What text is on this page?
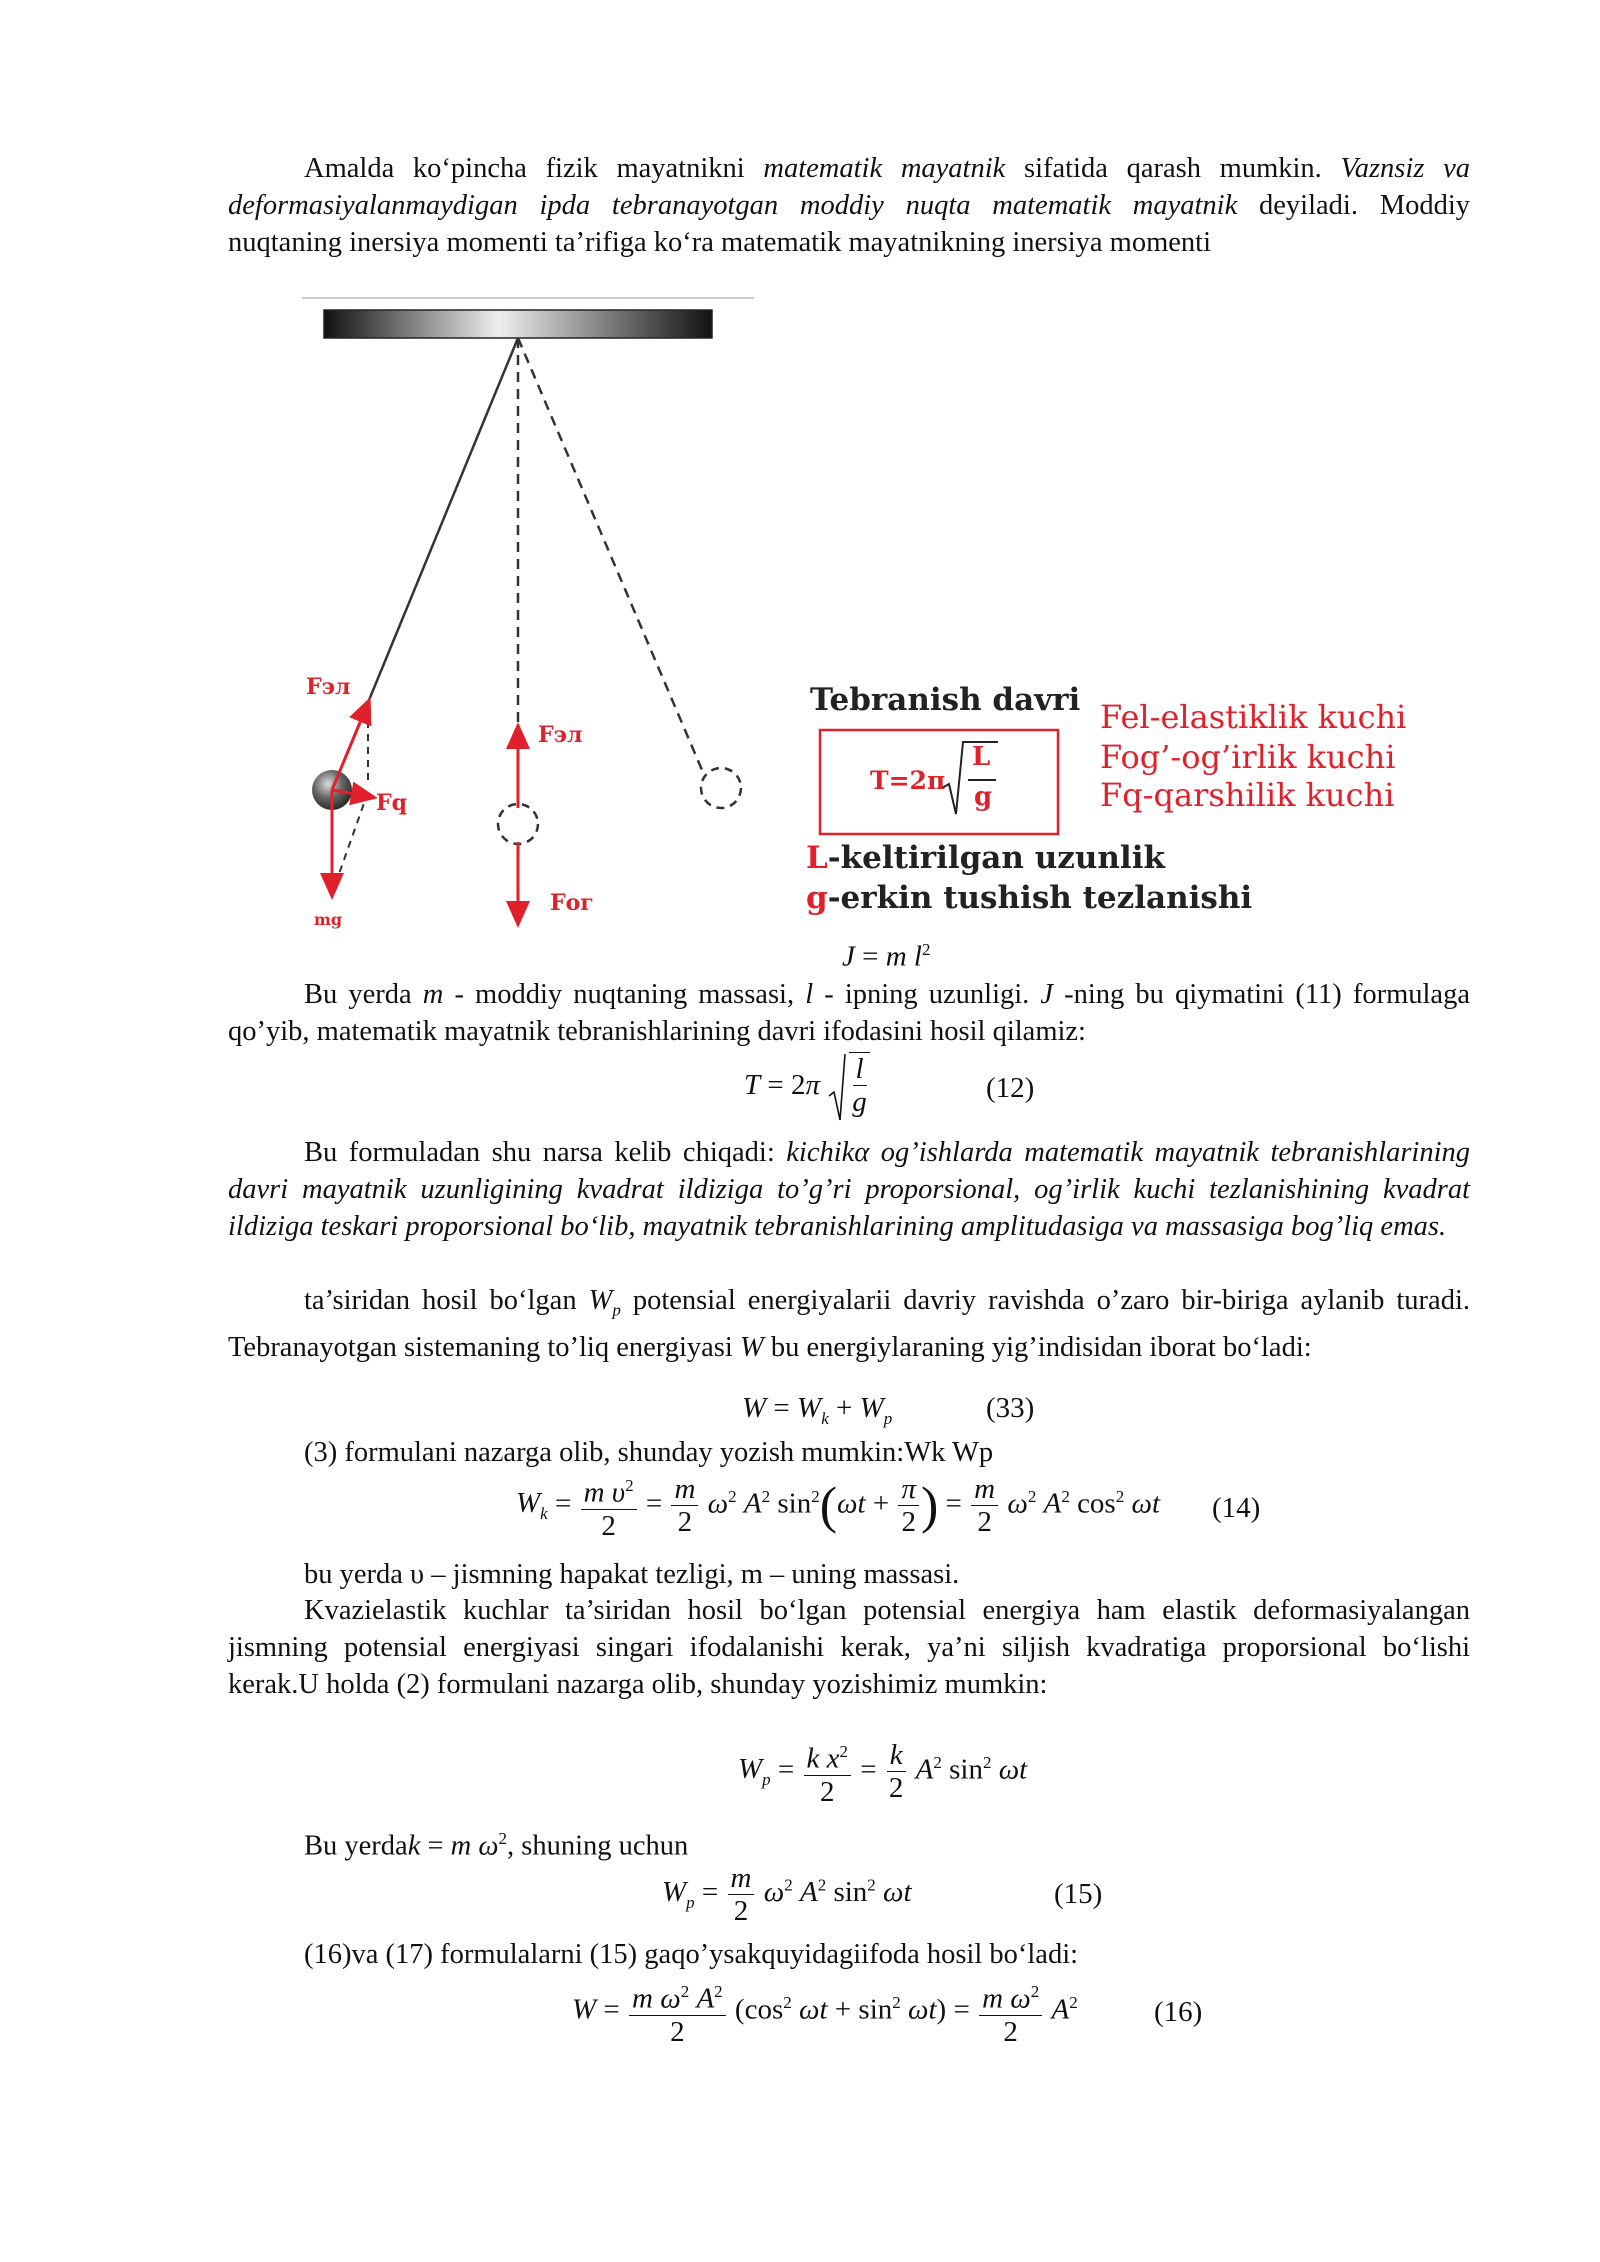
Amalda ko‘pincha fizik mayatnikni matematik mayatnik sifatida qarash mumkin. Vaznsiz va deformasiyalanmaydigan ipda tebranayotgan moddiy nuqta matematik mayatnik deyiladi. Moddiy nuqtaning inersiya momenti ta’rifiga ko‘ra matematik mayatnikning inersiya momenti
Fэл
Fэл
Fq
mg
Fог
Tebranish davri
T=2π
L
g
Fel-elastiklik kuchi
Fog’-og’irlik kuchi
Fq-qarshilik kuchi
L-keltirilgan uzunlik
g-erkin tushish tezlanishi
J = m $l^2$
Bu yerda m - moddiy nuqtaning massasi, l - ipning uzunligi. J -ning bu qiymatini (11) formulaga qo’yib, matematik mayatnik tebranishlarining davri ifodasini hosil qilamiz:
$T = 2\pi \frac{l}{g}$	(12)
Bu formuladan shu narsa kelib chiqadi: kichikα og’ishlarda matematik mayatnik tebranishlarining davri mayatnik uzunligining kvadrat ildiziga to’g’ri proporsional, og’irlik kuchi tezlanishining kvadrat ildiziga teskari proporsional bo‘lib, mayatnik tebranishlarining amplitudasiga va massasiga bog’liq emas.
ta’siridan hosil bo‘lgan $W_p$ potensial energiyalarii davriy ravishda o’zaro bir-biriga aylanib turadi. Tebranayotgan sistemaning to’liq energiyasi W bu energiylaraning yig’indisidan iborat bo‘ladi:
$W = W_k + W_p$	(33)
(3) formulani nazarga olib, shunday yozish mumkin:Wk Wp
$W_k = \frac{m \upsilon^2}{2} = \frac{m}{2} \omega^2$ $A^2$ $\sin^2(\omega t + \frac{\pi}{2}$ ) = $\frac{m}{2} \omega^2$ $A^2$ $\cos^2 \omega t$ (14)
bu yerda υ – jismning hapakat tezligi, m – uning massasi.
Kvazielastik kuchlar ta’siridan hosil bo‘lgan potensial energiya ham elastik deformasiyalangan jismning potensial energiyasi singari ifodalanishi kerak, ya’ni siljish kvadratiga proporsional bo‘lishi kerak.U holda (2) formulani nazarga olib, shunday yozishimiz mumkin:
$W_p = \frac{k x^2}{2} = \frac{k}{2} A^2$ $\sin^2 \omega t$
Bu yerdak = m $\omega^2$, shuning uchun
$W_p = \frac{m}{2} \omega^2$ $A^2$ $\sin^2 \omega t$	(15)
(16)va (17) formulalarni (15) gaqo’ysakquyidagiifoda hosil bo‘ladi:
$W = \frac{m \omega^2 A^2}{2} (\cos^2$ $\omega t + \sin^2 \omega t) = \frac{m \omega^2}{2} A^2$	(16)
